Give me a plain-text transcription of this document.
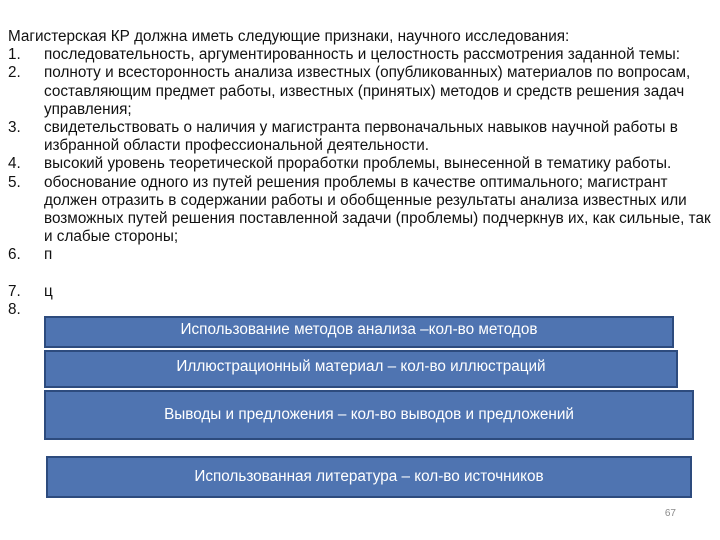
Магистерская КР должна иметь следующие признаки, научного исследования:

1. последовательность, аргументированность и целостность рассмотрения заданной темы:
2. полноту и всесторонность анализа известных (опубликованных) материалов по вопросам, составляющим предмет работы, известных (принятых) методов и средств решения задач управления;
3. свидетельствовать о наличия у магистранта первоначальных навыков научной работы в избранной области профессиональной деятельности.
4. высокий уровень теоретической проработки проблемы, вынесенной в тематику работы.
5. обоснование одного из путей решения проблемы в качестве оптимального; магистрант должен отразить в содержании работы и обобщенные результаты анализа известных или возможных путей решения поставленной задачи (проблемы) подчеркнув их, как сильные, так и слабые стороны;
6. п
7. ц
8.
Использование методов анализа –кол-во методов
Иллюстрационный материал – кол-во иллюстраций
Выводы и предложения – кол-во выводов и предложений
Использованная литература – кол-во источников
67
